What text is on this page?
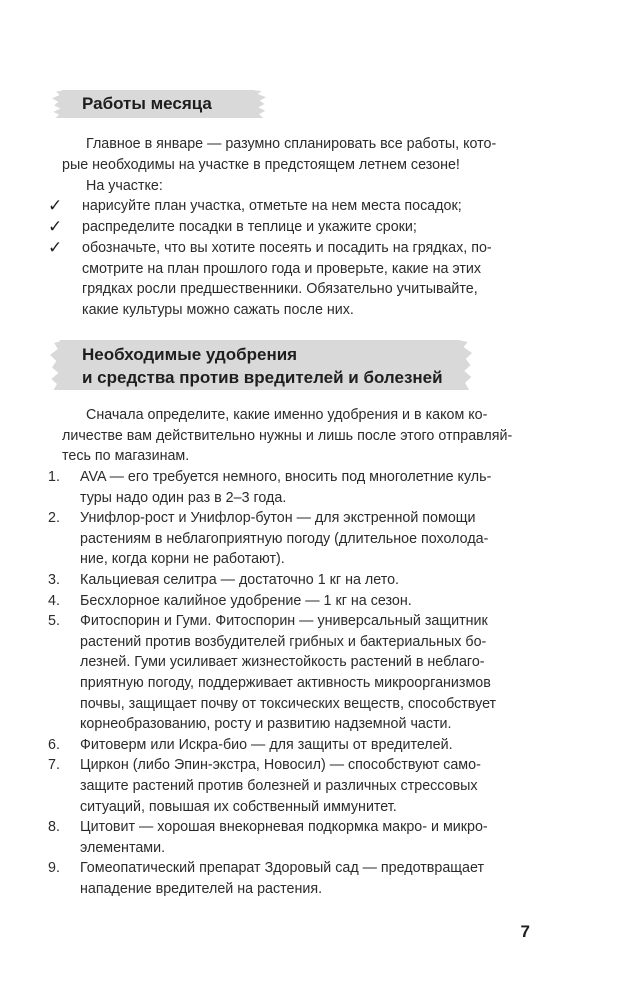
Работы месяца
Главное в январе — разумно спланировать все работы, кото-
рые необходимы на участке в предстоящем летнем сезоне!
На участке:
✓ нарисуйте план участка, отметьте на нем места посадок;
✓ распределите посадки в теплице и укажите сроки;
✓ обозначьте, что вы хотите посеять и посадить на грядках, по-
смотрите на план прошлого года и проверьте, какие на этих
грядках росли предшественники. Обязательно учитывайте,
какие культуры можно сажать после них.
Необходимые удобрения
и средства против вредителей и болезней
Сначала определите, какие именно удобрения и в каком ко-
личестве вам действительно нужны и лишь после этого отправляй-
тесь по магазинам.
1. AVA — его требуется немного, вносить под многолетние куль-
туры надо один раз в 2–3 года.
2. Унифлор-рост и Унифлор-бутон — для экстренной помощи
растениям в неблагоприятную погоду (длительное похолода-
ние, когда корни не работают).
3. Кальциевая селитра — достаточно 1 кг на лето.
4. Бесхлорное калийное удобрение — 1 кг на сезон.
5. Фитоспорин и Гуми. Фитоспорин — универсальный защитник
растений против возбудителей грибных и бактериальных бо-
лезней. Гуми усиливает жизнестойкость растений в неблаго-
приятную погоду, поддерживает активность микроорганизмов
почвы, защищает почву от токсических веществ, способствует
корнеобразованию, росту и развитию надземной части.
6. Фитоверм или Искра-био — для защиты от вредителей.
7. Циркон (либо Эпин-экстра, Новосил) — способствуют само-
защите растений против болезней и различных стрессовых
ситуаций, повышая их собственный иммунитет.
8. Цитовит — хорошая внекорневая подкормка макро- и микро-
элементами.
9. Гомеопатический препарат Здоровый сад — предотвращает
нападение вредителей на растения.
7
